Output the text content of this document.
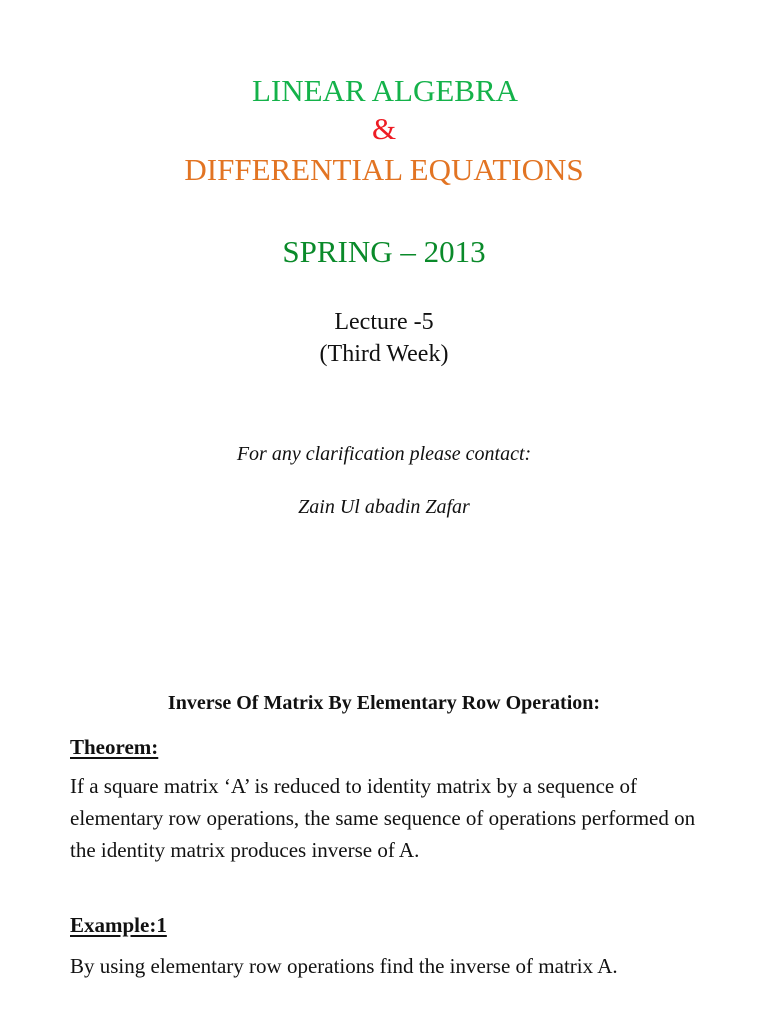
LINEAR ALGEBRA
&
DIFFERENTIAL EQUATIONS
SPRING – 2013
Lecture -5
(Third Week)
For any clarification please contact:
Zain Ul abadin Zafar
Inverse Of Matrix By Elementary Row Operation:
Theorem:
If a square matrix ‘A’ is reduced to identity matrix by a sequence of elementary row operations, the same sequence of operations performed on the identity matrix produces inverse of A.
Example:1
By using elementary row operations find the inverse of matrix A.
